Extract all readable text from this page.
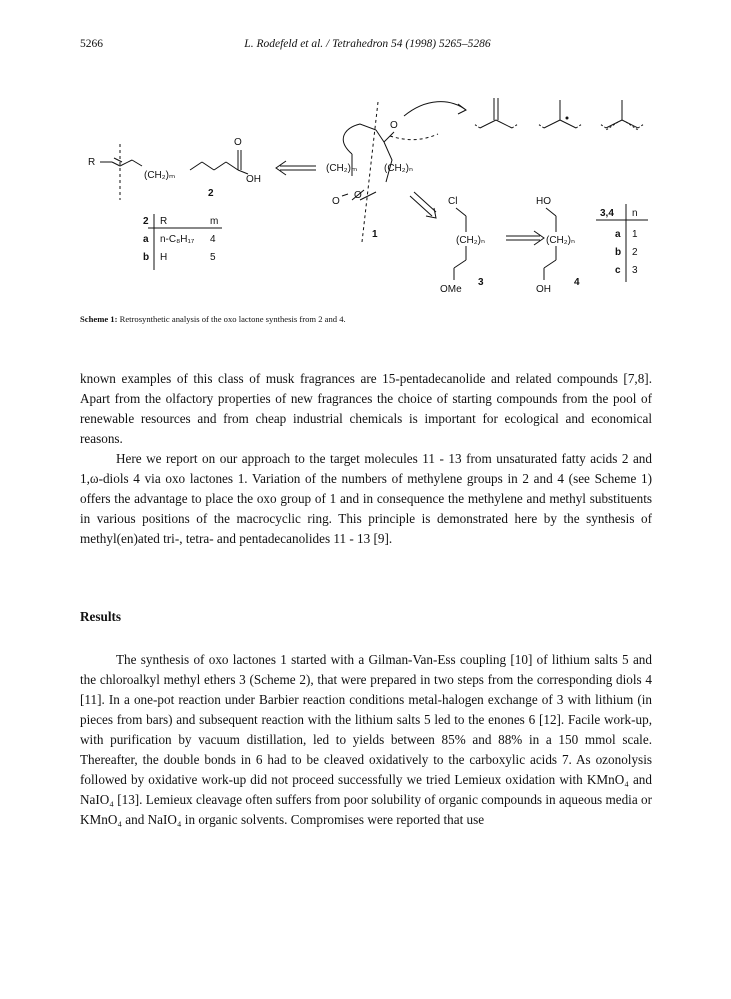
5266	L. Rodefeld et al. / Tetrahedron 54 (1998) 5265–5286
R
(CH₂)ₘ
O
OH
2
2 R	m
a n-C₈H₁₇ 4
b H	5
(CH₂)ₘ	(CH₂)ₙ
O
O
O
1
Cl
(CH₂)ₙ
OMe
3
HO
(CH₂)ₙ
OH
4
3,4 n
a 1
b 2
c 3
Scheme 1: Retrosynthetic analysis of the oxo lactone synthesis from 2 and 4.

known examples of this class of musk fragrances are 15-pentadecanolide and related compounds [7,8]. Apart from the olfactory properties of new fragrances the choice of starting compounds from the pool of renewable resources and from cheap industrial chemicals is important for ecological and economical reasons.

Here we report on our approach to the target molecules 11 - 13 from unsaturated fatty acids 2 and 1,ω-diols 4 via oxo lactones 1. Variation of the numbers of methylene groups in 2 and 4 (see Scheme 1) offers the advantage to place the oxo group of 1 and in consequence the methylene and methyl substituents in various positions of the macrocyclic ring. This principle is demonstrated here by the synthesis of methyl(en)ated tri-, tetra- and pentadecanolides 11 - 13 [9].

Results

The synthesis of oxo lactones 1 started with a Gilman-Van-Ess coupling [10] of lithium salts 5 and the chloroalkyl methyl ethers 3 (Scheme 2), that were prepared in two steps from the corresponding diols 4 [11]. In a one-pot reaction under Barbier reaction conditions metal-halogen exchange of 3 with lithium (in pieces from bars) and subsequent reaction with the lithium salts 5 led to the enones 6 [12]. Facile work-up, with purification by vacuum distillation, led to yields between 85% and 88% in a 150 mmol scale. Thereafter, the double bonds in 6 had to be cleaved oxidatively to the carboxylic acids 7. As ozonolysis followed by oxidative work-up did not proceed successfully we tried Lemieux oxidation with KMnO₄ and NaIO₄ [13]. Lemieux cleavage often suffers from poor solubility of organic compounds in aqueous media or KMnO₄ and NaIO₄ in organic solvents. Compromises were reported that use
